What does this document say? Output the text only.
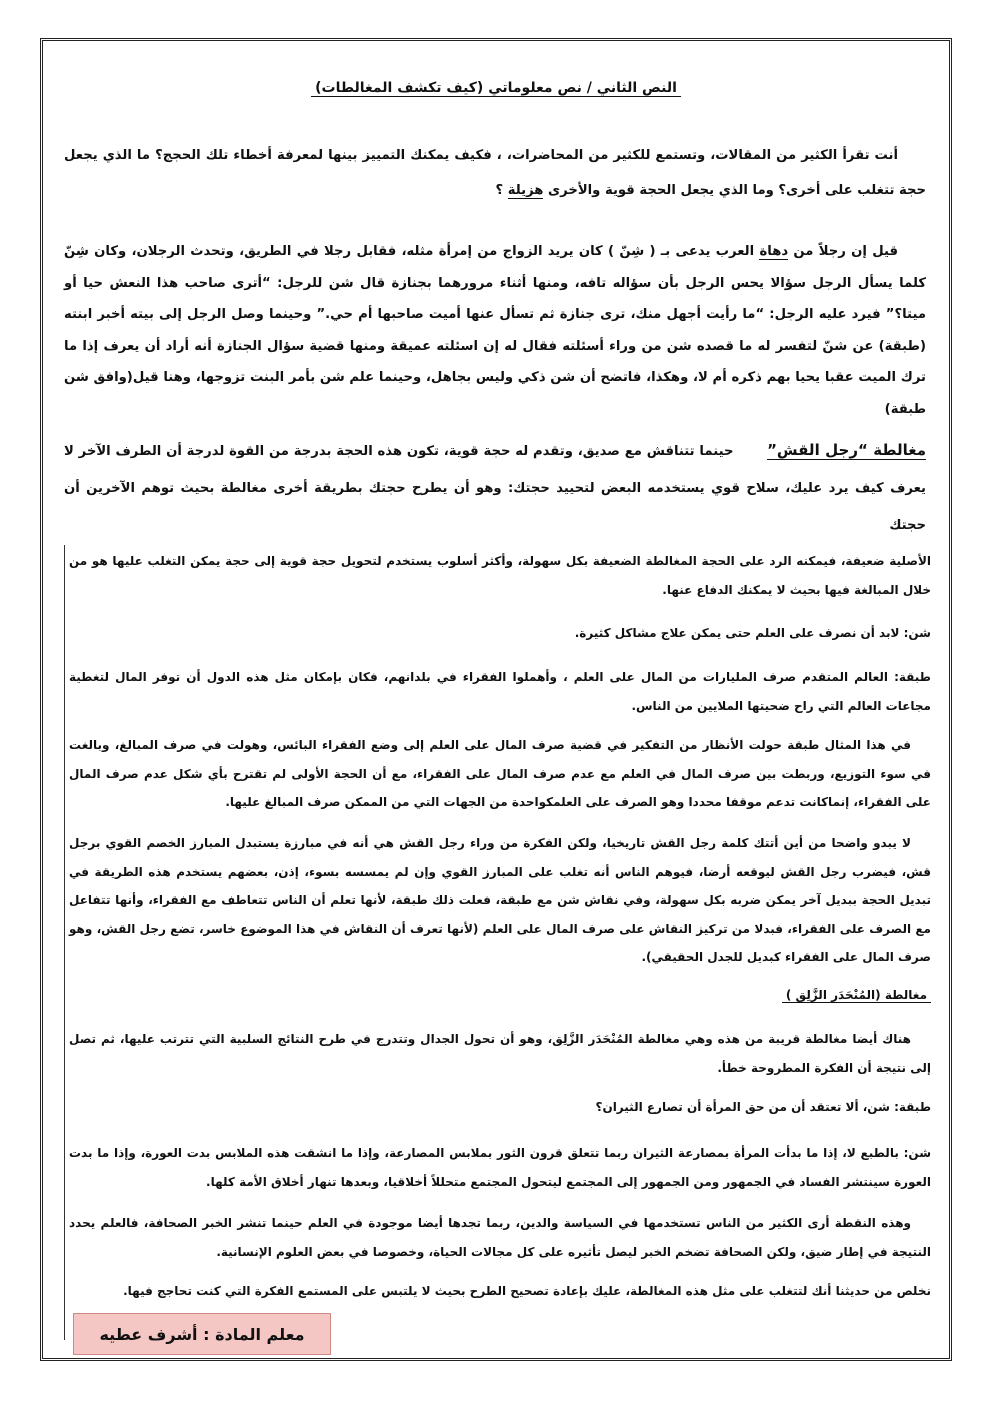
النص الثاني / نص معلوماتي (كيف تكشف المغالطات)
أنت تقرأ الكثير من المقالات، وتستمع للكثير من المحاضرات، ، فكيف يمكنك التمييز بينها لمعرفة أخطاء تلك الحجج؟ ما الذي يجعل حجة تتغلب على أخرى؟ وما الذي يجعل الحجة قوية والأخرى هزيلة ؟
قيل إن رجلاً من دهاة العرب يدعى بـ ( شِنّ ) كان يريد الزواج من إمرأة مثله، فقابل رجلا في الطريق، وتحدث الرجلان، وكان شِنّ كلما يسأل الرجل سؤالا يحس الرجل بأن سؤاله تافه، ومنها أثناء مرورهما بجنازة قال شن للرجل: “أترى صاحب هذا النعش حيا أو ميتا؟” فيرد عليه الرجل: “ما رأيت أجهل منك، ترى جنازة ثم تسأل عنها أميت صاحبها أم حي.” وحينما وصل الرجل إلى بيته أخبر ابنته (طبقة) عن شنّ لتفسر له ما قصده شن من وراء أسئلته فقال له إن اسئلته عميقة ومنها قضية سؤال الجنازة أنه أراد أن يعرف إذا ما ترك الميت عقبا يحيا بهم ذكره أم لا، وهكذا، فاتضح أن شن ذكي وليس بجاهل، وحينما علم شن بأمر البنت تزوجها، وهنا قيل(وافق شن طبقة)
مغالطة “رجل القش”       حينما تتناقش مع صديق، وتقدم له حجة قوية، تكون هذه الحجة بدرجة من القوة لدرجة أن الطرف الآخر لا يعرف كيف يرد عليك، سلاح قوي يستخدمه البعض لتحييد حجتك: وهو أن يطرح حجتك بطريقة أخرى مغالطة بحيث توهم الآخرين أن حجتك
الأصلية ضعيفة، فيمكنه الرد على الحجة المغالطة الضعيفة بكل سهولة، وأكثر أسلوب يستخدم لتحويل حجة قوية إلى حجة يمكن التغلب عليها هو من خلال المبالغة فيها بحيث لا يمكنك الدفاع عنها.
شن: لابد أن نصرف على العلم حتى يمكن علاج مشاكل كثيرة.
طبقة: العالم المتقدم صرف المليارات من المال على العلم ، وأهملوا الفقراء في بلدانهم، فكان بإمكان مثل هذه الدول أن توفر المال لتغطية مجاعات العالم التي راح ضحيتها الملايين من الناس.
في هذا المثال طبقة حولت الأنظار من التفكير في قضية صرف المال على العلم إلى وضع الفقراء البائس، وهولت في صرف المبالغ، وبالغت في سوء التوزيع، وربطت بين صرف المال في العلم مع عدم صرف المال على الفقراء، مع أن الحجة الأولى لم تقترح بأي شكل عدم صرف المال على الفقراء، إنماكانت تدعم موقفا محددا وهو الصرف على العلمكواحدة من الجهات التي من الممكن صرف المبالغ عليها.
لا يبدو واضحا من أين أتتك كلمة رجل القش تاريخيا، ولكن الفكرة من وراء رجل القش هي أنه في مبارزة يستبدل المبارز الخصم القوي برجل قش، فيضرب رجل القش ليوقعه أرضا، فيوهم الناس أنه تغلب على المبارز القوي وإن لم يمسسه بسوء، إذن، بعضهم يستخدم هذه الطريقة في تبديل الحجة ببديل آخر يمكن ضربه بكل سهولة، وفي نقاش شن مع طبقة، فعلت ذلك طبقة، لأنها تعلم أن الناس تتعاطف مع الفقراء، وأنها تتفاعل مع الصرف على الفقراء، فبدلا من تركيز النقاش على صرف المال على العلم (لأنها تعرف أن النقاش في هذا الموضوع خاسر، تضع رجل القش، وهو صرف المال على الفقراء كبديل للجدل الحقيقي).
مغالطة (المُنْحَدَر الزَّلِق )
هناك أيضا مغالطة قريبة من هذه وهي مغالطة المُنْحَدَر الزَّلِق، وهو أن تحول الجدال وتتدرج في طرح النتائج السلبية التي تترتب عليها، ثم تصل إلى نتيجة أن الفكرة المطروحة خطأ.
طبقة: شن، ألا تعتقد أن من حق المرأة أن تصارع الثيران؟
شن: بالطبع لا، إذا ما بدأت المرأة بمصارعة الثيران ربما تتعلق قرون الثور بملابس المصارعة، وإذا ما انشقت هذه الملابس بدت العورة، وإذا ما بدت العورة سينتشر الفساد في الجمهور ومن الجمهور إلى المجتمع ليتحول المجتمع متحللاً أخلاقيا، وبعدها تنهار أخلاق الأمة كلها.
وهذه النقطة أرى الكثير من الناس تستخدمها في السياسة والدين، ربما تجدها أيضا موجودة في العلم حينما تنشر الخبر الصحافة، فالعلم يحدد النتيجة في إطار ضيق، ولكن الصحافة تضخم الخبر ليصل تأثيره على كل مجالات الحياة، وخصوصا في بعض العلوم الإنسانية.
نخلص من حديثنا أنك لتتغلب على مثل هذه المغالطة، عليك بإعادة تصحيح الطرح بحيث لا يلتبس على المستمع الفكرة التي كنت تحاجج فيها.
معلم المادة : أشرف عطيه
